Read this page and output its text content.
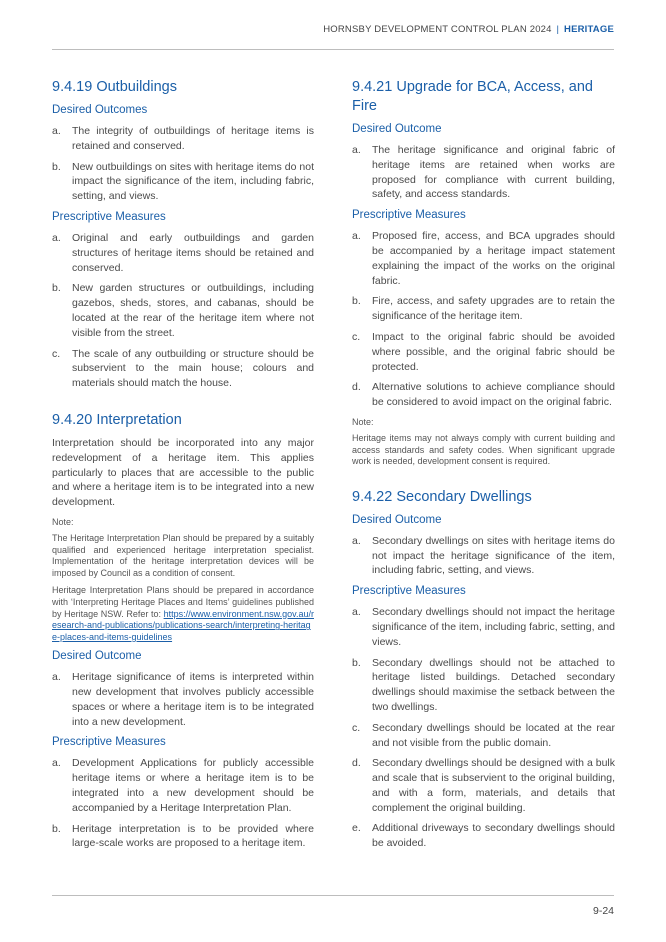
HORNSBY DEVELOPMENT CONTROL PLAN 2024 | HERITAGE
9.4.19 Outbuildings
Desired Outcomes
a.	The integrity of outbuildings of heritage items is retained and conserved.
b.	New outbuildings on sites with heritage items do not impact the significance of the item, including fabric, setting, and views.
Prescriptive Measures
a.	Original and early outbuildings and garden structures of heritage items should be retained and conserved.
b.	New garden structures or outbuildings, including gazebos, sheds, stores, and cabanas, should be located at the rear of the heritage item where not visible from the street.
c.	The scale of any outbuilding or structure should be subservient to the main house; colours and materials should match the house.
9.4.20 Interpretation

Interpretation should be incorporated into any major redevelopment of a heritage item. This applies particularly to places that are accessible to the public and where a heritage item is to be integrated into a new development.

Note:

The Heritage Interpretation Plan should be prepared by a suitably qualified and experienced heritage interpretation specialist. Implementation of the heritage interpretation devices will be imposed by Council as a condition of consent.

Heritage Interpretation Plans should be prepared in accordance with ‘Interpreting Heritage Places and Items’ guidelines published by Heritage NSW. Refer to: https://www.environment.nsw.gov.au/research-and-publications/publications-search/interpreting-heritage-places-and-items-guidelines

Desired Outcome
a.	Heritage significance of items is interpreted within new development that involves publicly accessible spaces or where a heritage item is to be integrated into a new development.
Prescriptive Measures
a.	Development Applications for publicly accessible heritage items or where a heritage item is to be integrated into a new development should be accompanied by a Heritage Interpretation Plan.
b.	Heritage interpretation is to be provided where large-scale works are proposed to a heritage item.
9.4.21 Upgrade for BCA, Access, and Fire
Desired Outcome
a.	The heritage significance and original fabric of heritage items are retained when works are proposed for compliance with current building, safety, and access standards.
Prescriptive Measures
a.	Proposed fire, access, and BCA upgrades should be accompanied by a heritage impact statement explaining the impact of the works on the original fabric.
b.	Fire, access, and safety upgrades are to retain the significance of the heritage item.
c.	Impact to the original fabric should be avoided where possible, and the original fabric should be protected.
d.	Alternative solutions to achieve compliance should be considered to avoid impact on the original fabric.
Note:

Heritage items may not always comply with current building and access standards and safety codes. When significant upgrade work is needed, development consent is required.

9.4.22 Secondary Dwellings
Desired Outcome
a.	Secondary dwellings on sites with heritage items do not impact the heritage significance of the item, including fabric, setting, and views.
Prescriptive Measures
a.	Secondary dwellings should not impact the heritage significance of the item, including fabric, setting, and views.
b.	Secondary dwellings should not be attached to heritage listed buildings. Detached secondary dwellings should maximise the setback between the two dwellings.
c.	Secondary dwellings should be located at the rear and not visible from the public domain.
d.	Secondary dwellings should be designed with a bulk and scale that is subservient to the original building, and with a form, materials, and details that complement the original building.
e.	Additional driveways to secondary dwellings should be avoided.
9-24
